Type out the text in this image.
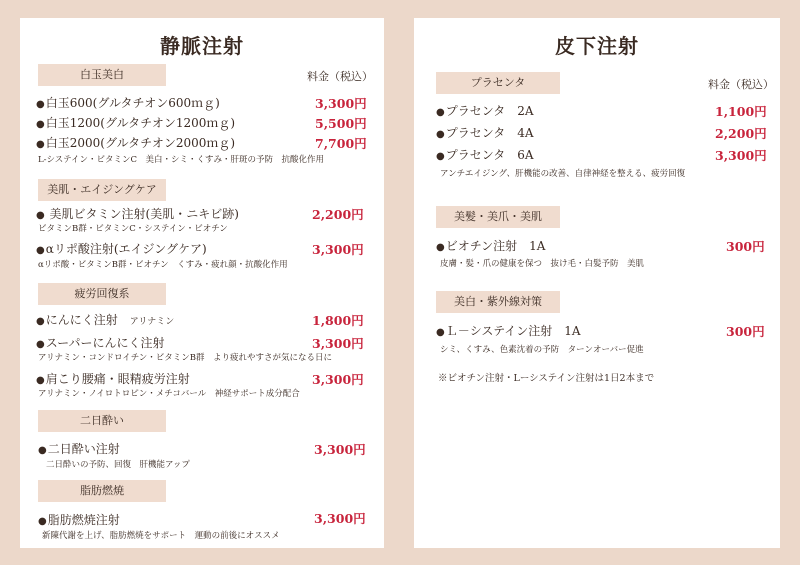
静脈注射
料金（税込）
白玉美白
●白玉600(グルタチオン600ｍｇ)	3,300円
●白玉1200(グルタチオン1200ｍｇ)	5,500円
●白玉2000(グルタチオン2000ｍｇ)	7,700円
L-システイン・ビタミンC　美白・シミ・くすみ・肝斑の予防　抗酸化作用
美肌・エイジングケア
● 美肌ビタミン注射(美肌・ニキビ跡)	2,200円
ビタミンB群・ビタミンC・システイン・ビオチン
●αリポ酸注射(エイジングケア)	3,300円
αリポ酸・ビタミンB群・ビオチン　くすみ・疲れ顔・抗酸化作用
疲労回復系
●にんにく注射　 アリナミン	1,800円
●スーパーにんにく注射	3,300円
アリナミン・コンドロイチン・ビタミンB群　より疲れやすさが気になる日に
●肩こり腰痛・眼精疲労注射	3,300円
アリナミン・ノイロトロピン・メチコバール　神経サポート成分配合
二日酔い
●二日酔い注射	3,300円
二日酔いの予防、回復　肝機能アップ
脂肪燃焼
●脂肪燃焼注射	3,300円
新陳代謝を上げ、脂肪燃焼をサポート　運動の前後にオススメ
皮下注射
料金（税込）
プラセンタ
●プラセンタ　2A	1,100円
●プラセンタ　4A	2,200円
●プラセンタ　6A	3,300円
アンチエイジング、肝機能の改善、自律神経を整える、疲労回復
美髪・美爪・美肌
●ビオチン注射　1A	300円
皮膚・髪・爪の健康を保つ　抜け毛・白髪予防　美肌
美白・紫外線対策
●Ｌ－システイン注射　1A	300円
シミ、くすみ、色素沈着の予防　ターンオーバー促進
※ビオチン注射・Lーシステイン注射は1日2本まで
